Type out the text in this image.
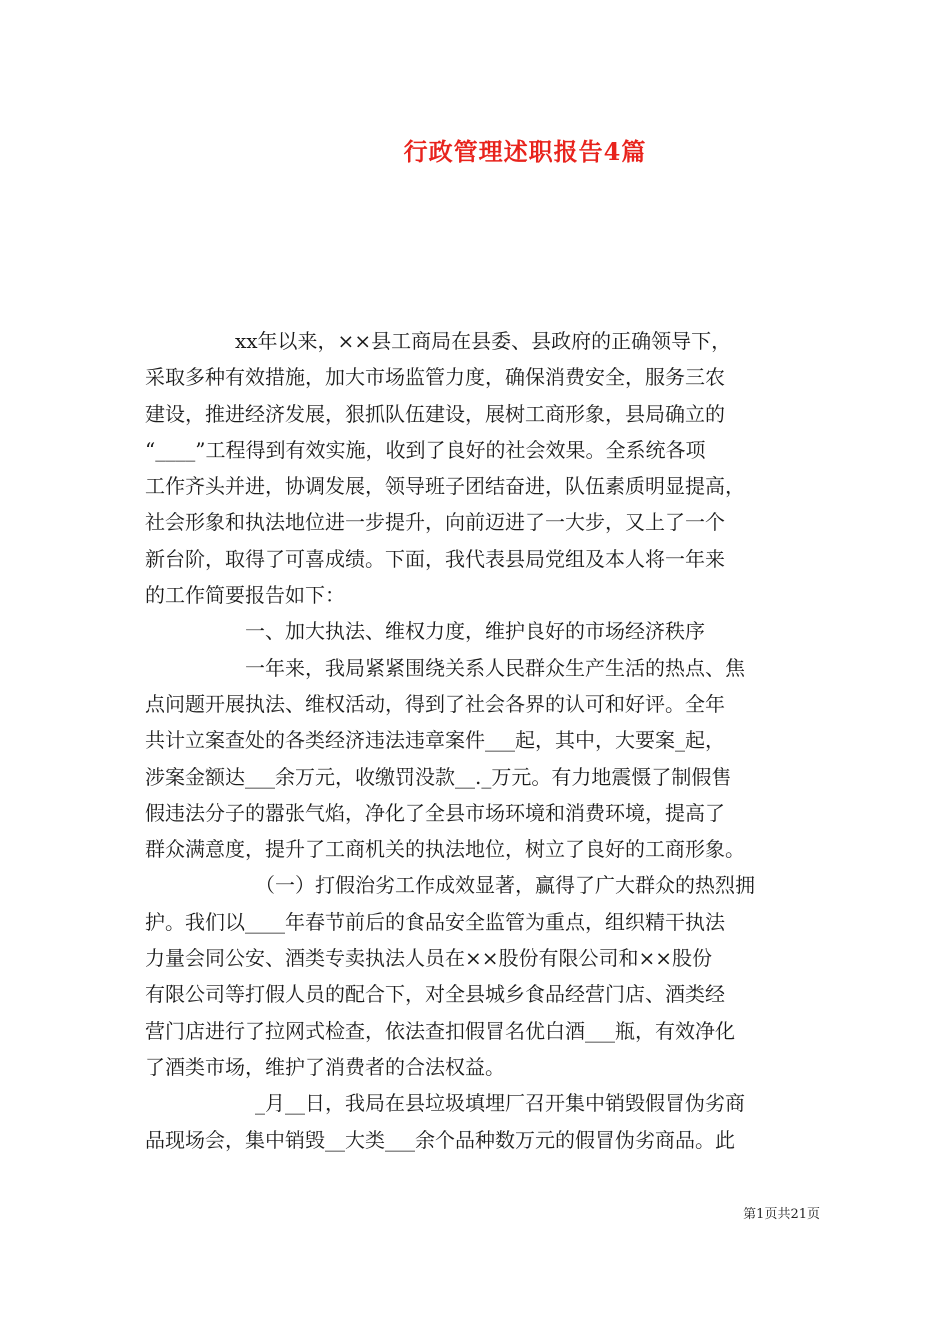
行政管理述职报告4篇
xx年以来，××县工商局在县委、县政府的正确领导下，
采取多种有效措施，加大市场监管力度，确保消费安全，服务三农
建设，推进经济发展，狠抓队伍建设，展树工商形象，县局确立的
“____”工程得到有效实施，收到了良好的社会效果。全系统各项
工作齐头并进，协调发展，领导班子团结奋进，队伍素质明显提高，
社会形象和执法地位进一步提升，向前迈进了一大步，又上了一个
新台阶，取得了可喜成绩。下面，我代表县局党组及本人将一年来
的工作简要报告如下：
一、加大执法、维权力度，维护良好的市场经济秩序
一年来，我局紧紧围绕关系人民群众生产生活的热点、焦
点问题开展执法、维权活动，得到了社会各界的认可和好评。全年
共计立案查处的各类经济违法违章案件___起，其中，大要案_起，
涉案金额达___余万元，收缴罚没款__._万元。有力地震慑了制假售
假违法分子的嚣张气焰，净化了全县市场环境和消费环境，提高了
群众满意度，提升了工商机关的执法地位，树立了良好的工商形象。
（一）打假治劣工作成效显著，赢得了广大群众的热烈拥
护。我们以____年春节前后的食品安全监管为重点，组织精干执法
力量会同公安、酒类专卖执法人员在××股份有限公司和××股份
有限公司等打假人员的配合下，对全县城乡食品经营门店、酒类经
营门店进行了拉网式检查，依法查扣假冒名优白酒___瓶，有效净化
了酒类市场，维护了消费者的合法权益。
_月__日，我局在县垃圾填埋厂召开集中销毁假冒伪劣商
品现场会，集中销毁__大类___余个品种数万元的假冒伪劣商品。此
第1页共21页
